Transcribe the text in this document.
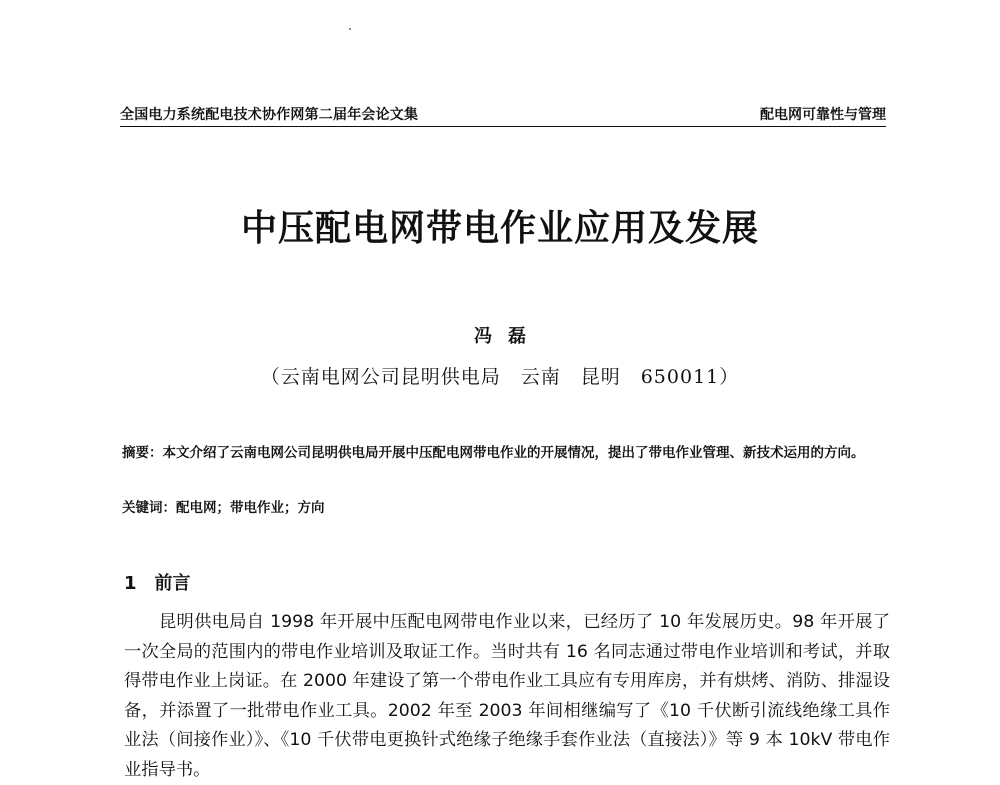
全国电力系统配电技术协作网第二届年会论文集	配电网可靠性与管理
中压配电网带电作业应用及发展
冯磊
（云南电网公司昆明供电局　云南　昆明　650011）
摘要：本文介绍了云南电网公司昆明供电局开展中压配电网带电作业的开展情况，提出了带电作业管理、新技术运用的方向。
关键词：配电网；带电作业；方向
1 前言

昆明供电局自 1998 年开展中压配电网带电作业以来，已经历了 10 年发展历史。98 年开展了一次全局的范围内的带电作业培训及取证工作。当时共有 16 名同志通过带电作业培训和考试，并取得带电作业上岗证。在 2000 年建设了第一个带电作业工具应有专用库房，并有烘烤、消防、排湿设备，并添置了一批带电作业工具。2002 年至 2003 年间相继编写了《10 千伏断引流线绝缘工具作业法（间接作业）》、《10 千伏带电更换针式绝缘子绝缘手套作业法（直接法）》等 9 本 10kV 带电作业指导书。
